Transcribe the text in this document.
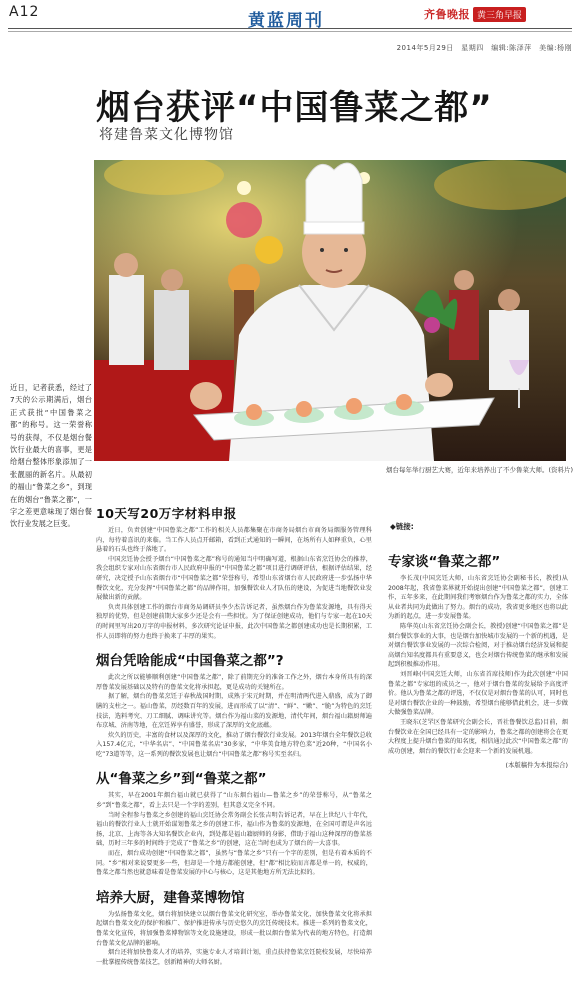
A12	黄蓝周刊	齐鲁晚报 黄三角早报
2014年5月29日　星期四　编辑:陈泽萍　美编:杨刚
烟台获评“中国鲁菜之都”
将建鲁菜文化博物馆
烟台每年举行厨艺大赛，近年来培养出了不少鲁菜大师。(资料片)
近日，记者获悉，经过了7天的公示期满后，烟台正式获批“中国鲁菜之都”的称号。这一荣誉称号的获得，不仅是烟台餐饮行业最大的喜事，更是给烟台整体形象添加了一张靓丽的新名片。从最初的福山“鲁菜之乡”，到现在的烟台“鲁菜之都”，一字之差更意味现了烟台餐饮行业发展之巨变。
10天写20万字材料申报

近日，负责创建“中国鲁菜之都”工作的相关人员都集聚在市商务局烟台市商务局烟服务管理科内，每待着喜讯的来临。当工作人员点开邮箱，看到正式通知的一瞬间，在场所有人如释重负，心里悬着的石头也终于落地了。

中国烹饪协会授予烟台“中国鲁菜之都”称号的通知当中明确写道，根据山东省烹饪协会的推荐，我会组织专家对山东省烟台市人民政府申报的“中国鲁菜之都”项目进行调研评估，根据评估结果，经研究，决定授予山东省烟台市“中国鲁菜之都”荣誉称号，希望山东省烟台市人民政府进一步弘扬中华餐饮文化，充分发挥“中国鲁菜之都”的品牌作用，加强餐饮业人才队伍的建设，为促进当地餐饮业发展做出新的贡献。

负责具体创建工作的烟台市商务局调研员李少杰告诉记者，虽然烟台作为鲁菜发源地，具有得天独厚的优势，但是创建前期大家多少还是会有一些担忧。为了保证创建成功，他们与专家一起在10天的时间里写出20万字的申报材料，多次研究论证申报，此次中国鲁菜之都创建成功也是长期积累，工作人员即将的努力也终于换来了丰厚的果实。

烟台凭啥能成“中国鲁菜之都”?

此次之所以能够顺利创建“中国鲁菜之都”，除了前期充分的准备工作之外，烟台本身所具有的深厚鲁菜发展基础以及特有的鲁菜文化将承担起，更是成功的关键所在。

据了解，烟台的鲁菜烹饪于春秋战国时期，成熟于宋元时期，并在明清两代进入鼎盛，成为了御膳的支柱之一。福山鲁菜，历经数百年的发展，进而形成了以“清”、“鲜”、“嫩”、“脆”为特色的烹饪技法，选料考究、刀工细腻、调味讲究等。烟台作为福山菜的发源地，清代年间，烟台福山籍厨师遍布京城、济南等地，在烹饪界享有盛誉，形成了深厚的文化底蕴。

炊久的历史，丰富的食材以及深厚的文化，推动了烟台餐饮行业发展。2013年烟台全年餐饮总收入157.4亿元，“中华名店”、“中国鲁菜名店”30多家，“中华美食地方特色菜”近20种，“中国名小吃”73道等等，这一系列的餐饮发展也让烟台“中国鲁菜之都”称号实至名归。

从“鲁菜之乡”到“鲁菜之都”

其实，早在2001年烟台福山就已获得了“山东烟台福山—鲁菜之乡”的荣誉称号，从“鲁菜之乡”到“鲁菜之都”，看上去只是一个字的差别，但其意义完全不同。

当时全程参与鲁菜之乡创建的福山烹饪协会常务副会长张吉明告诉记者，早在上世纪八十年代，福山的餐饮行业人士就开始谋划鲁菜之乡的创建工作，福山作为鲁菜的发源地，在全国可谓是声名远扬，北京、上海等各大知名餐饮企业内，到处都是福山籍厨师的身影，借助于福山这种深厚的鲁菜基础，历时三年多的时间终于完成了“鲁菜之乡”的创建，这在当时也成为了烟台的一大喜事。

而在，烟台成功创建“中国鲁菜之都”，虽然与“鲁菜之乡”只有一个字的差别，但是有着本质的不同。“乡”相对来说要更多一些，但却是一个地方都能创建，但“都”相比较而言都是单一的，权威的，鲁菜之都当然也就意味着是鲁菜发展的中心与核心，这是其他地方所无法比拟的。

培养大厨，建鲁菜博物馆

为弘扬鲁菜文化，烟台将加快建立以烟台鲁菜文化研究室，举办鲁菜文化，加快鲁菜文化将承担起烟台鲁菜文化的保护和推广、保护推进传承与历史悠久的烹饪传统技术。推进一系列的鲁菜文化，鲁菜文化宣传，将加强鲁菜博物馆等文化设施建设，形成一批以烟台鲁菜为代表的地方特色，打造烟台鲁菜文化品牌的影响。

烟台还将加快鲁菜人才的培养，实施专业人才培训计划，重点扶持鲁菜烹饪院校发展，尽快培养一批掌握传统鲁菜技艺，创新精神的大师名厨。

◆链接:
专家谈“鲁菜之都”

李长茂(中国烹饪大师，山东省烹饪协会副秘书长，教授)从2008年起，我省鲁菜界就开始提出创建“中国鲁菜之都”，创建工作，五年多来，在此期间我们考察烟台作为鲁菜之都的实力，全体从业者共同为此做出了努力。烟台的成功，我省更多地区也将以此为新的起点，进一步发展鲁菜。

陈华英(山东省烹饪协会副会长，教授)创建“中国鲁菜之都”是烟台餐饮事业的大事，也是烟台加快城市发展的一个新的机遇，是对烟台餐饮事业发展的一次综合检阅，对于推动烟台经济发展和提高烟台知名度都具有重要意义，也会对烟台传统鲁菜的继承和发展起到积极推动作用。

刘晋峰(中国烹饪大师，山东省首席技师)作为此次创建“中国鲁菜之都”专家组的成员之一，他对于烟台鲁菜的发展给予高度评价。他认为鲁菜之都的评选，不仅仅是对烟台鲁菜的认可，同时也是对烟台餐饮企业的一种鼓励，希望烟台能够借此机会，进一步做大做强鲁菜品牌。

王晓东(芝罘区鲁菜研究会副会长，晋社鲁餐饮总监)目前，烟台餐饮业在全国已经具有一定的影响力，鲁菜之都的创建将会在更大程度上提升烟台鲁菜的知名度，相信通过此次“中国鲁菜之都”的成功创建，烟台的餐饮行业会迎来一个新的发展机遇。

(本版稿件为本报综合)
